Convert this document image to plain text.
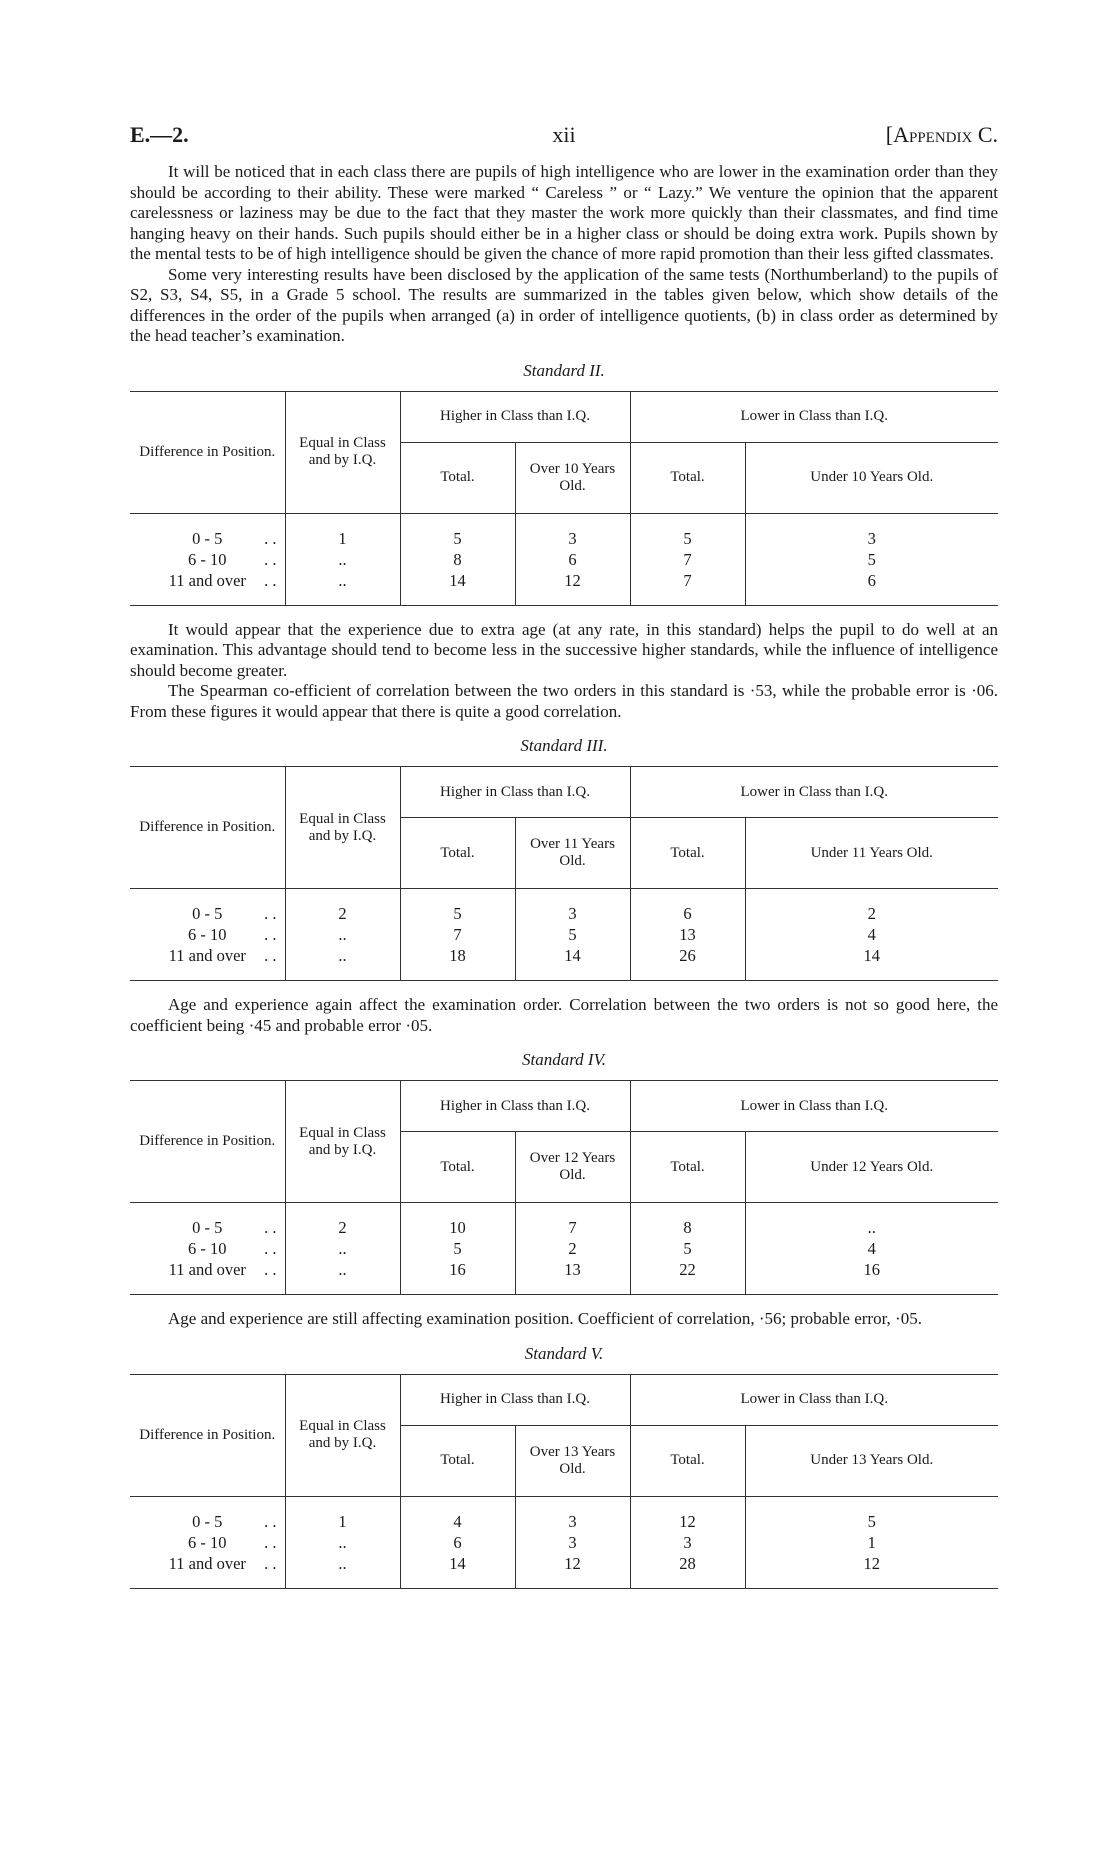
E.—2.	xii	[Appendix C.

It will be noticed that in each class there are pupils of high intelligence who are lower in the examination order than they should be according to their ability. These were marked “ Careless ” or “ Lazy.” We venture the opinion that the apparent carelessness or laziness may be due to the fact that they master the work more quickly than their classmates, and find time hanging heavy on their hands. Such pupils should either be in a higher class or should be doing extra work. Pupils shown by the mental tests to be of high intelligence should be given the chance of more rapid promotion than their less gifted classmates.

Some very interesting results have been disclosed by the application of the same tests (Northumberland) to the pupils of S2, S3, S4, S5, in a Grade 5 school. The results are summarized in the tables given below, which show details of the differences in the order of the pupils when arranged (a) in order of intelligence quotients, (b) in class order as determined by the head teacher’s examination.

Standard II.
Difference in Position.	Equal in Class and by I.Q.	Higher in Class than I.Q.		Lower in Class than I.Q.	
		Total.	Over 10 Years Old.	Total.	Under 10 Years Old.

0 - 5 . .	1	5	3	5	3
6 - 10 . .	..	8	6	7	5
11 and over . .	..	14	12	7	6

It would appear that the experience due to extra age (at any rate, in this standard) helps the pupil to do well at an examination. This advantage should tend to become less in the successive higher standards, while the influence of intelligence should become greater.

The Spearman co-efficient of correlation between the two orders in this standard is ·53, while the probable error is ·06. From these figures it would appear that there is quite a good correlation.

Standard III.
Difference in Position.	Equal in Class and by I.Q.	Higher in Class than I.Q.		Lower in Class than I.Q.	
		Total.	Over 11 Years Old.	Total.	Under 11 Years Old.

0 - 5 . .	2	5	3	6	2
6 - 10 . .	..	7	5	13	4
11 and over . .	..	18	14	26	14

Age and experience again affect the examination order. Correlation between the two orders is not so good here, the coefficient being ·45 and probable error ·05.

Standard IV.
Difference in Position.	Equal in Class and by I.Q.	Higher in Class than I.Q.		Lower in Class than I.Q.	
		Total.	Over 12 Years Old.	Total.	Under 12 Years Old.

0 - 5 . .	2	10	7	8	..
6 - 10 . .	..	5	2	5	4
11 and over . .	..	16	13	22	16

Age and experience are still affecting examination position. Coefficient of correlation, ·56; probable error, ·05.

Standard V.
Difference in Position.	Equal in Class and by I.Q.	Higher in Class than I.Q.		Lower in Class than I.Q.	
		Total.	Over 13 Years Old.	Total.	Under 13 Years Old.

0 - 5 . .	1	4	3	12	5
6 - 10 . .	..	6	3	3	1
11 and over . .	..	14	12	28	12
